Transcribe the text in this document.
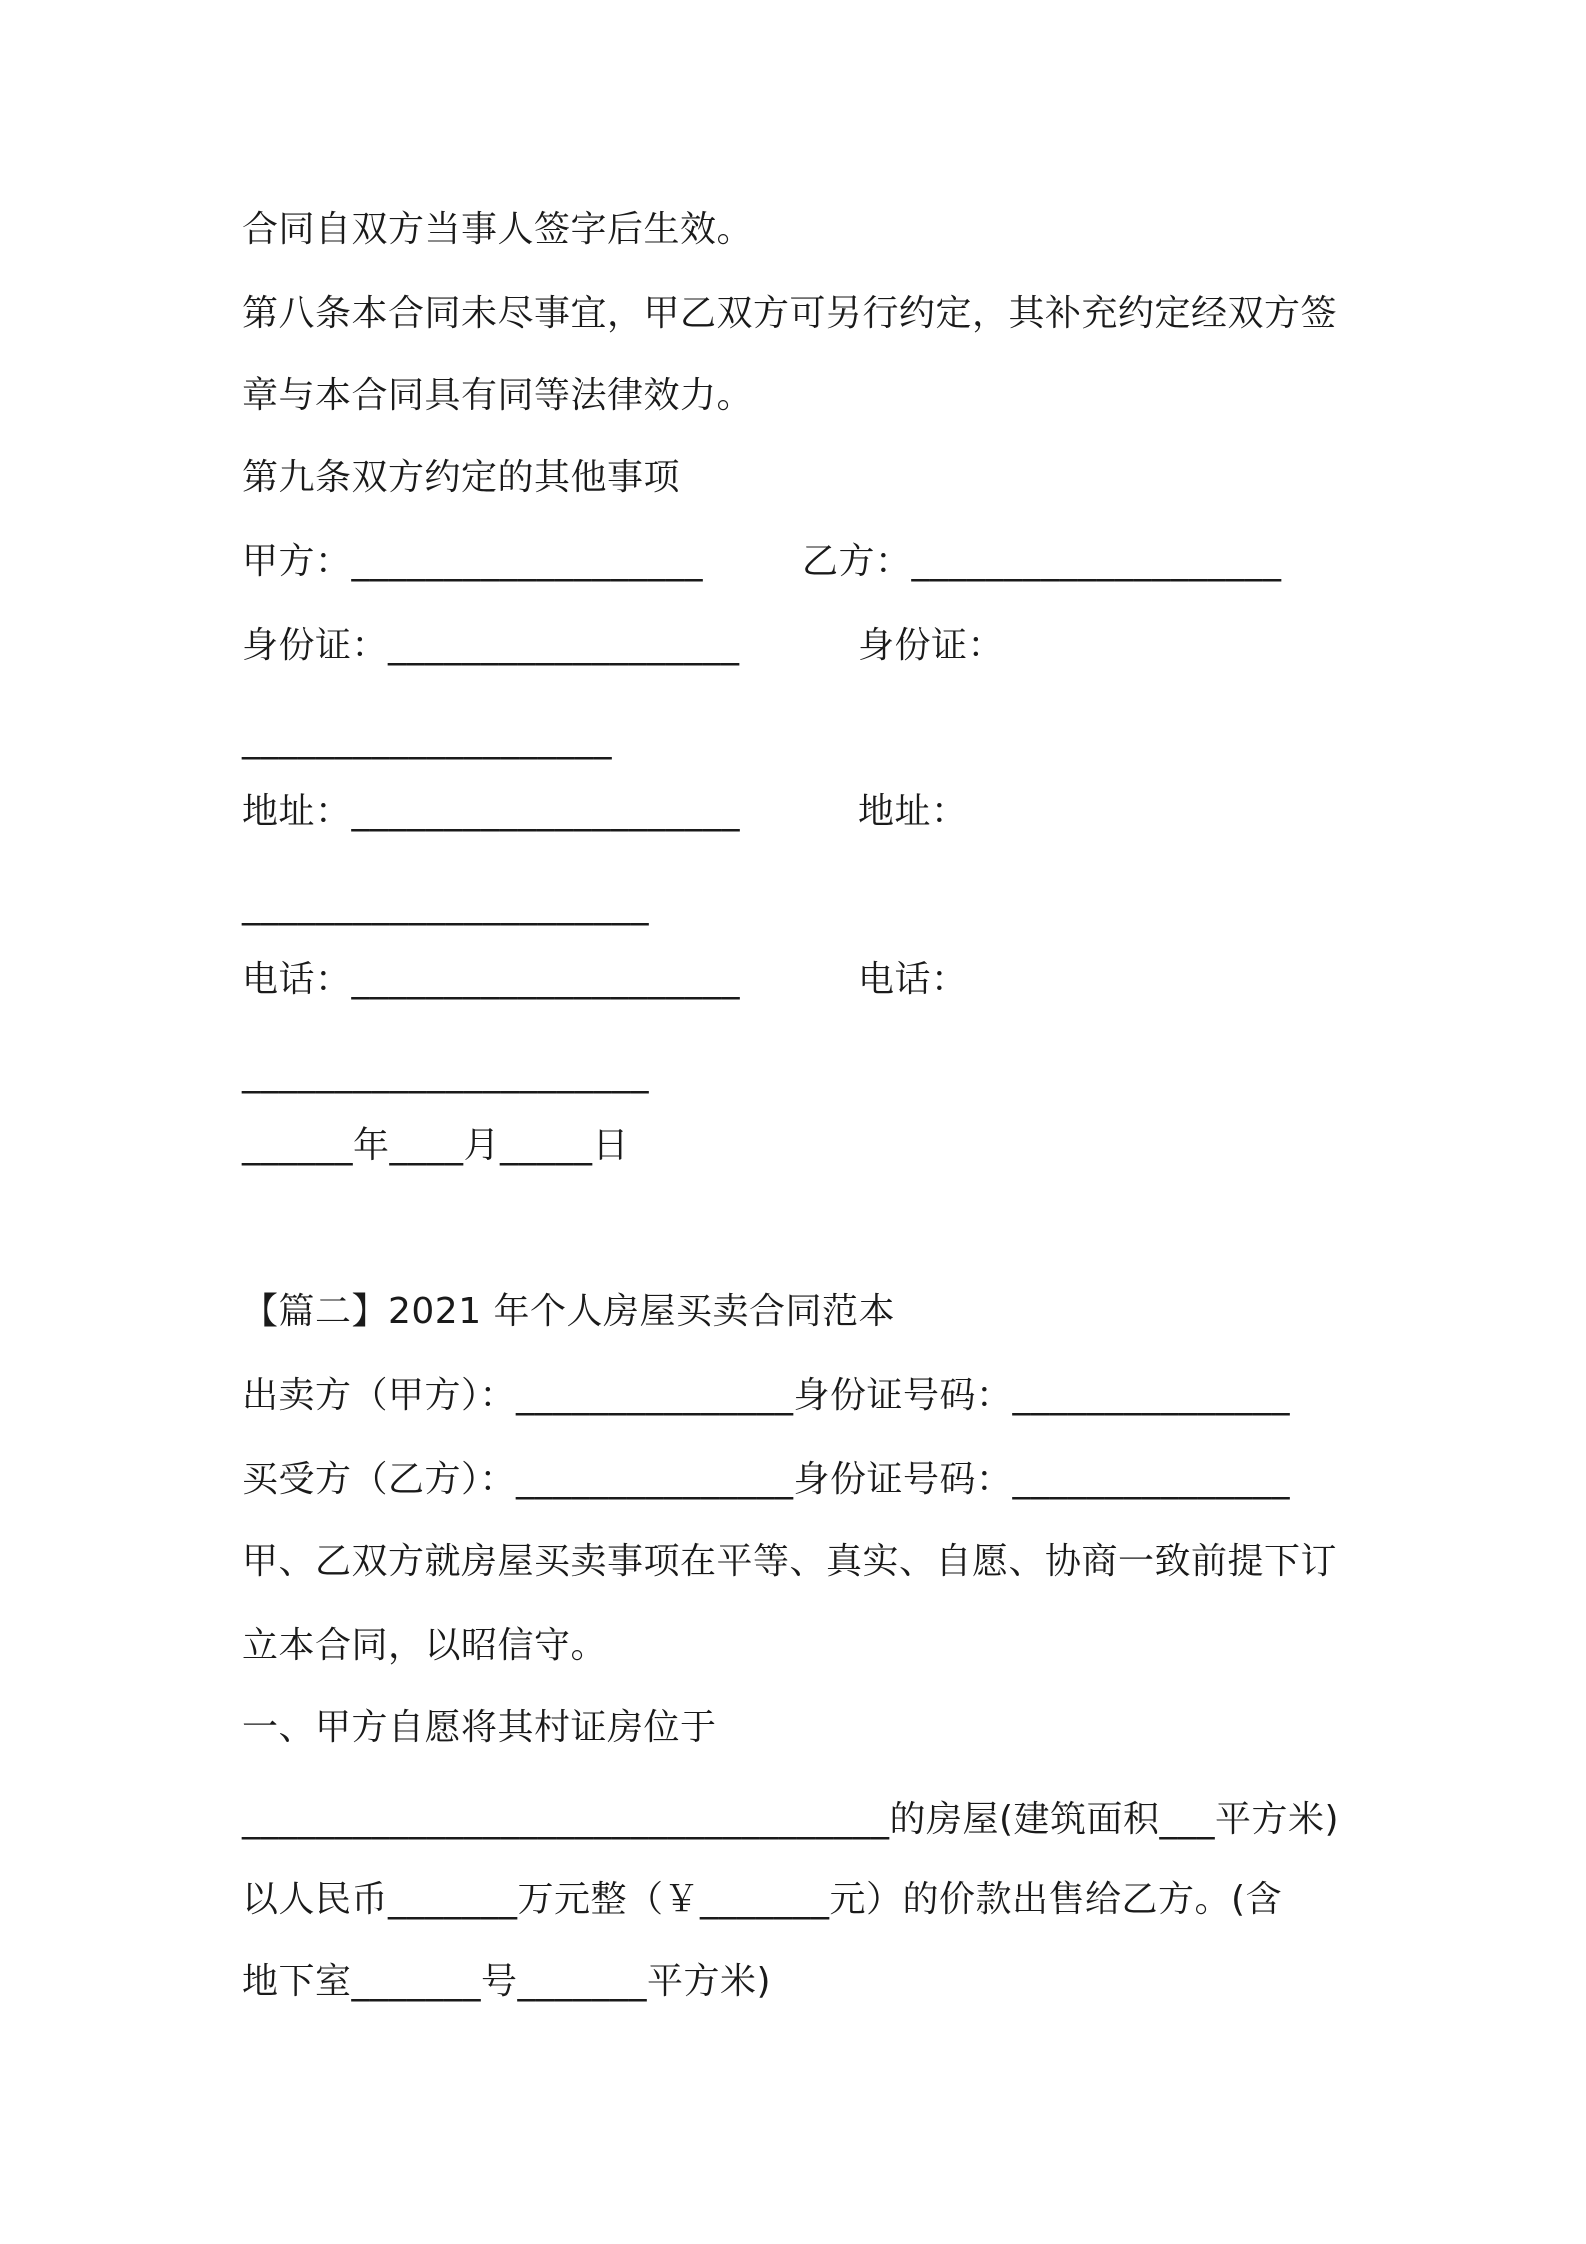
合同自双方当事人签字后生效。
第八条本合同未尽事宜，甲乙双方可另行约定，其补充约定经双方签
章与本合同具有同等法律效力。
第九条双方约定的其他事项
甲方：___________________	乙方：____________________
身份证：___________________	身份证：
____________________
地址：_____________________	地址：
______________________
电话：_____________________	电话：
______________________
______年____月_____日
【篇二】2021 年个人房屋买卖合同范本
出卖方（甲方）：_______________身份证号码：_______________
买受方（乙方）：_______________身份证号码：_______________
甲、乙双方就房屋买卖事项在平等、真实、自愿、协商一致前提下订
立本合同，以昭信守。
一、甲方自愿将其村证房位于
___________________________________的房屋(建筑面积___平方米)
以人民币_______万元整（￥_______元）的价款出售给乙方。(含
地下室_______号_______平方米)
